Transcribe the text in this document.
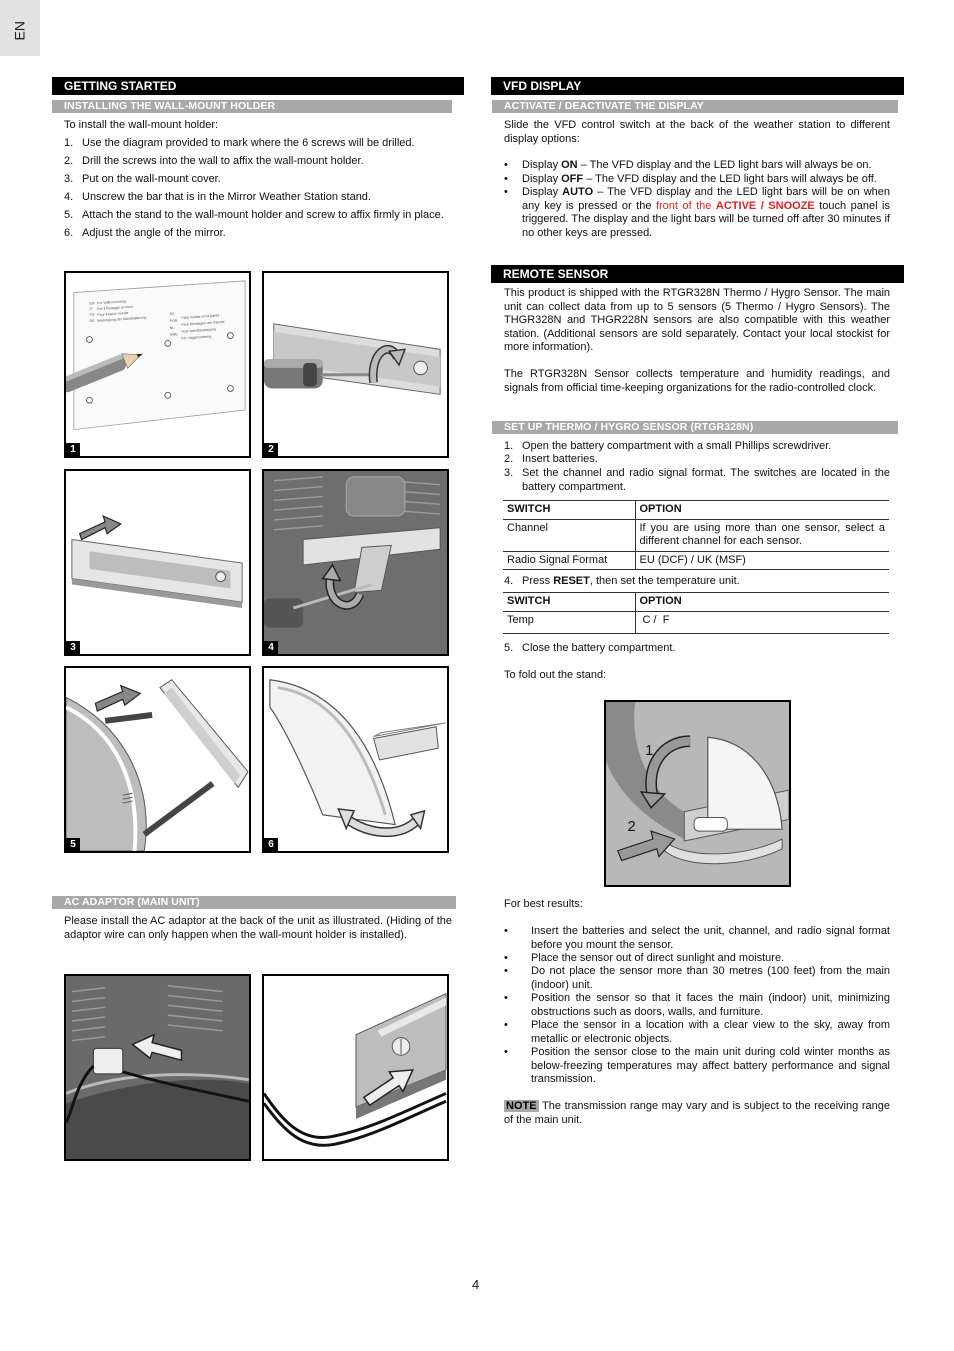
EN
GETTING STARTED
INSTALLING THE WALL-MOUNT HOLDER
To install the wall-mount holder:
1. Use the diagram provided to mark where the 6 screws will be drilled.
2. Drill the screws into the wall to affix the wall-mount holder.
3. Put on the wall-mount cover.
4. Unscrew the bar that is in the Mirror Weather Station stand.
5. Attach the stand to the wall-mount holder and screw to affix firmly in place.
6. Adjust the angle of the mirror.
EN
IT
FR
DE
For Wall-mounting
Per il fissaggio al muro
Pour fixation murale
Befestigung der Wandhalterung
ES
POR
NL
SWE
Para montar en la pared
Para Montagem em Parede
Voor wandbevestiging
För Väggmontering
1	2
3	4
5	6
AC ADAPTOR (MAIN UNIT)
Please install the AC adaptor at the back of the unit as illustrated. (Hiding of the adaptor wire can only happen when the wall-mount holder is installed).
VFD DISPLAY
ACTIVATE / DEACTIVATE THE DISPLAY
Slide the VFD control switch at the back of the weather station to different display options:
• Display ON – The VFD display and the LED light bars will always be on.
• Display OFF – The VFD display and the LED light bars will always be off.
• Display AUTO – The VFD display and the LED light bars will be on when any key is pressed or the front of the ACTIVE / SNOOZE touch panel is triggered. The display and the light bars will be turned off after 30 minutes if no other keys are pressed.
REMOTE SENSOR
This product is shipped with the RTGR328N Thermo / Hygro Sensor. The main unit can collect data from up to 5 sensors (5 Thermo / Hygro Sensors). The THGR328N and THGR228N sensors are also compatible with this weather station. (Additional sensors are sold separately. Contact your local stockist for more information).
The RTGR328N Sensor collects temperature and humidity readings, and signals from official time-keeping organizations for the radio-controlled clock.
SET UP THERMO / HYGRO SENSOR (RTGR328N)
1. Open the battery compartment with a small Phillips screwdriver.
2. Insert batteries.
3. Set the channel and radio signal format. The switches are located in the battery compartment.
SWITCH	OPTION
Channel	If you are using more than one sensor, select a different channel for each sensor.
Radio Signal Format	EU (DCF) / UK (MSF)
4. Press RESET, then set the temperature unit.
SWITCH	OPTION
Temp	C /  F
5. Close the battery compartment.
To fold out the stand:
1
2
For best results:
• Insert the batteries and select the unit, channel, and radio signal format before you mount the sensor.
• Place the sensor out of direct sunlight and moisture.
• Do not place the sensor more than 30 metres (100 feet) from the main (indoor) unit.
• Position the sensor so that it faces the main (indoor) unit, minimizing obstructions such as doors, walls, and furniture.
• Place the sensor in a location with a clear view to the sky, away from metallic or electronic objects.
• Position the sensor close to the main unit during cold winter months as below-freezing temperatures may affect battery performance and signal transmission.
NOTE The transmission range may vary and is subject to the receiving range of the main unit.
4
